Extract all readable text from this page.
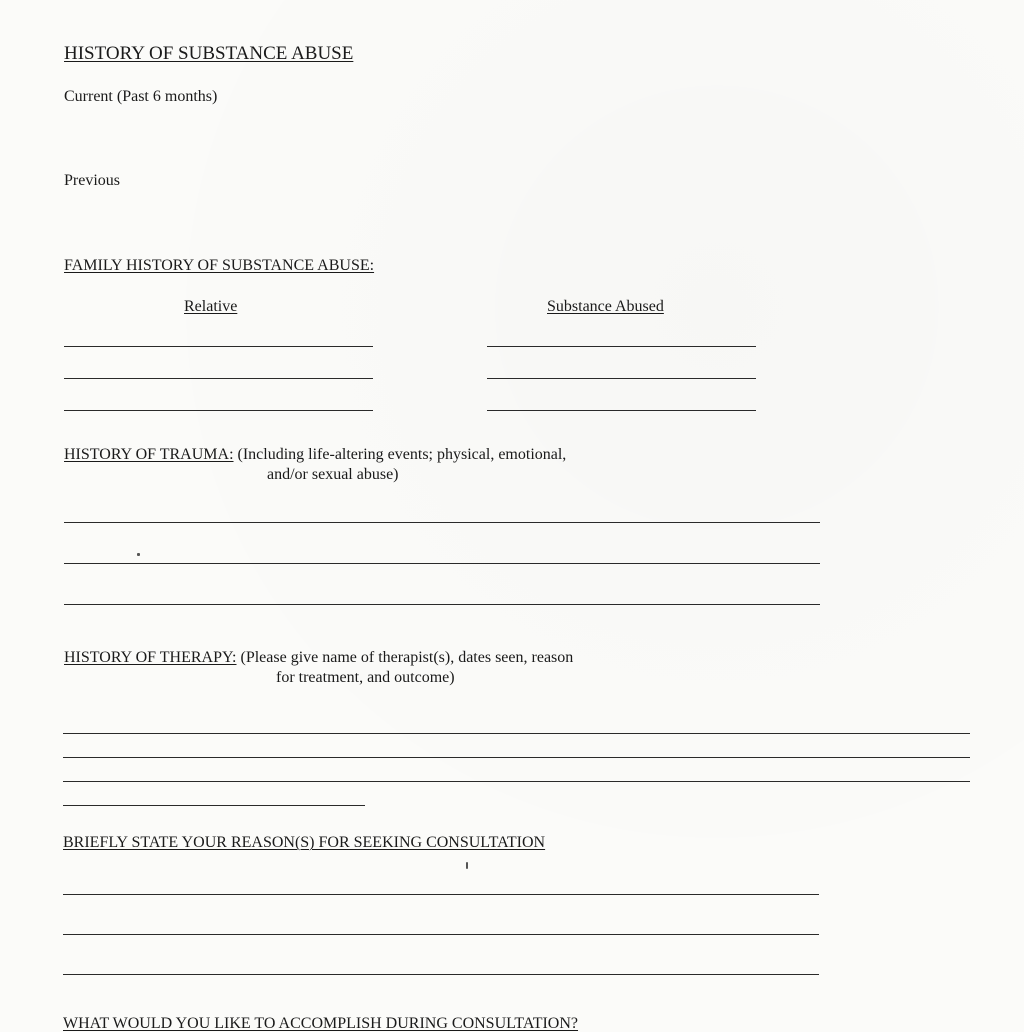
HISTORY OF SUBSTANCE ABUSE
Current (Past 6 months)
Previous
FAMILY HISTORY OF SUBSTANCE ABUSE:
Relative	Substance Abused
HISTORY OF TRAUMA: (Including life-altering events; physical, emotional,
and/or sexual abuse)
HISTORY OF THERAPY: (Please give name of therapist(s), dates seen, reason
for treatment, and outcome)
BRIEFLY STATE YOUR REASON(S) FOR SEEKING CONSULTATION
WHAT WOULD YOU LIKE TO ACCOMPLISH DURING CONSULTATION?
